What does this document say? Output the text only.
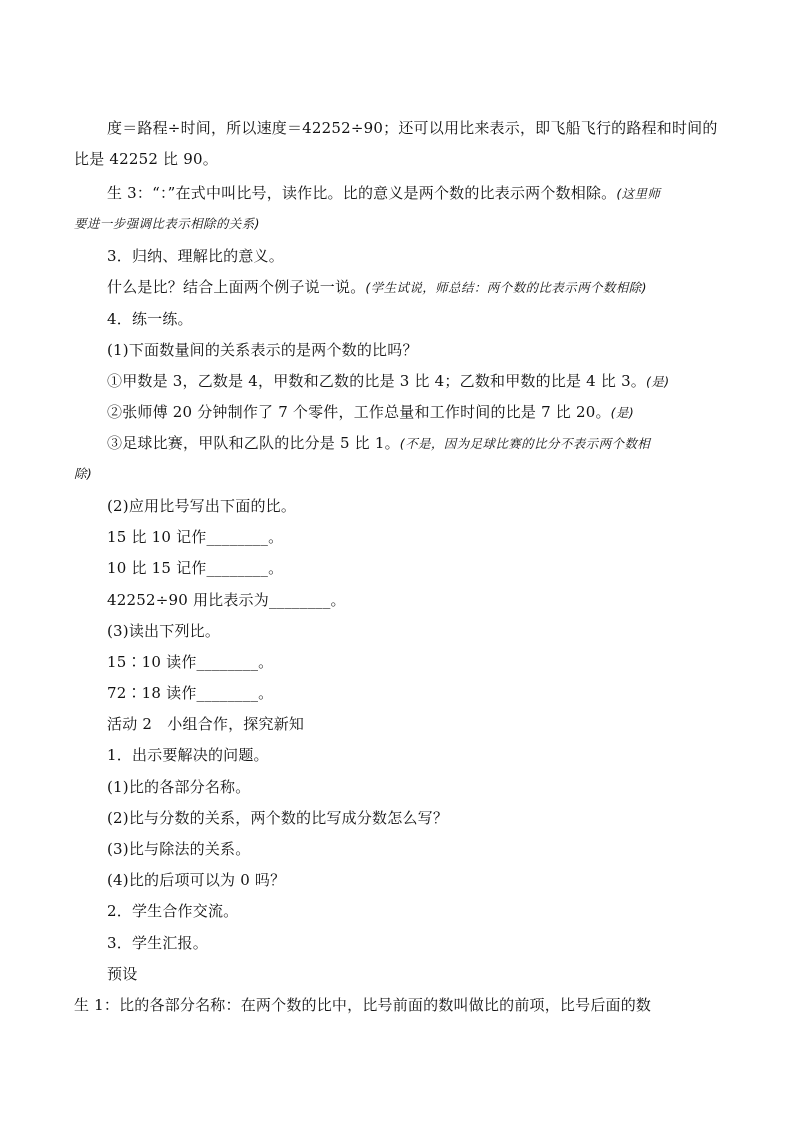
度＝路程÷时间，所以速度＝42252÷90；还可以用比来表示，即飞船飞行的路程和时间的
比是 42252 比 90。
生 3：“：”在式中叫比号，读作比。比的意义是两个数的比表示两个数相除。(这里师
要进一步强调比表示相除的关系)
3．归纳、理解比的意义。
什么是比？结合上面两个例子说一说。(学生试说，师总结：两个数的比表示两个数相除)
4．练一练。
(1)下面数量间的关系表示的是两个数的比吗？
①甲数是 3，乙数是 4，甲数和乙数的比是 3 比 4；乙数和甲数的比是 4 比 3。(是)
②张师傅 20 分钟制作了 7 个零件，工作总量和工作时间的比是 7 比 20。(是)
③足球比赛，甲队和乙队的比分是 5 比 1。(不是，因为足球比赛的比分不表示两个数相
除)
(2)应用比号写出下面的比。
15 比 10 记作________。
10 比 15 记作________。
42252÷90 用比表示为________。
(3)读出下列比。
15∶10 读作________。
72∶18 读作________。
活动 2　小组合作，探究新知
1．出示要解决的问题。
(1)比的各部分名称。
(2)比与分数的关系，两个数的比写成分数怎么写？
(3)比与除法的关系。
(4)比的后项可以为 0 吗？
2．学生合作交流。
3．学生汇报。
预设
生 1：比的各部分名称：在两个数的比中，比号前面的数叫做比的前项，比号后面的数
